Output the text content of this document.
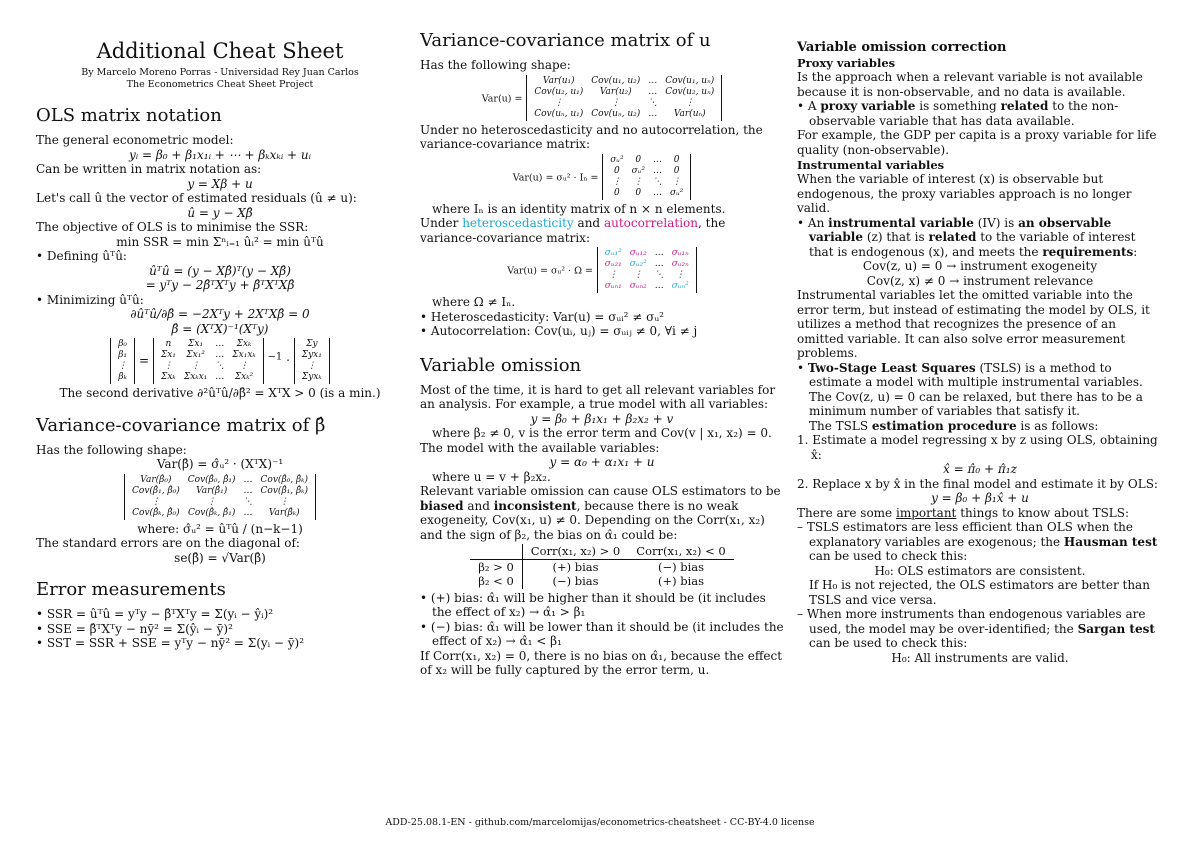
Additional Cheat Sheet
By Marcelo Moreno Porras - Universidad Rey Juan Carlos
The Econometrics Cheat Sheet Project
OLS matrix notation

The general econometric model:

yᵢ = β₀ + β₁x₁ᵢ + ⋯ + βₖxₖᵢ + uᵢ

Can be written in matrix notation as:

y = Xβ + u

Let's call û the vector of estimated residuals (û ≠ u):

û = y − Xβ̂

The objective of OLS is to minimise the SSR:

min SSR = min Σⁿᵢ₌₁ ûᵢ² = min ûᵀû

• Defining ûᵀû:

ûᵀû = (y − Xβ̂)ᵀ(y − Xβ̂)

= yᵀy − 2β̂ᵀXᵀy + β̂ᵀXᵀXβ̂

• Minimizing ûᵀû:

∂ûᵀû/∂β̂ = −2Xᵀy + 2XᵀXβ̂ = 0

β̂ = (XᵀX)⁻¹(Xᵀy)

β₀
β₁
⋮
βₖ
=
n	Σx₁	…	Σxₖ
Σx₁	Σx₁²	…	Σx₁xₖ
⋮	⋮	⋱	⋮
Σxₖ	Σxₖx₁	…	Σxₖ²
$^{-1}$ ·
Σy
Σyx₁
⋮
Σyxₖ

The second derivative ∂²ûᵀû/∂β̂² = XᵀX > 0 (is a min.)

Variance-covariance matrix of β̂

Has the following shape:

Var(β̂) = σ̂ᵤ² · (XᵀX)⁻¹

Var(β̂₀)	Cov(β̂₀, β̂₁)	…	Cov(β̂₀, β̂ₖ)
Cov(β̂₁, β̂₀)	Var(β̂₁)	…	Cov(β̂₁, β̂ₖ)
⋮	⋮	⋱	⋮
Cov(β̂ₖ, β̂₀)	Cov(β̂ₖ, β̂₁)	…	Var(β̂ₖ)

where: σ̂ᵤ² = ûᵀû / (n−k−1)

The standard errors are on the diagonal of:

se(β̂) = √Var(β̂)

Error measurements

• SSR = ûᵀû = yᵀy − β̂ᵀXᵀy = Σ(yᵢ − ŷᵢ)²

• SSE = β̂ᵀXᵀy − nȳ² = Σ(ŷᵢ − ȳ)²

• SST = SSR + SSE = yᵀy − nȳ² = Σ(yᵢ − ȳ)²

Variance-covariance matrix of u

Has the following shape:

Var(u) =
Var(u₁)	Cov(u₁, u₂)	…	Cov(u₁, uₙ)
Cov(u₂, u₁)	Var(u₂)	…	Cov(u₂, uₙ)
⋮	⋮	⋱	⋮
Cov(uₙ, u₁)	Cov(uₙ, u₂)	…	Var(uₙ)

Under no heteroscedasticity and no autocorrelation, the variance-covariance matrix:

Var(u) = σᵤ² · Iₙ =
σᵤ²	0	…	0
0	σᵤ²	…	0
⋮	⋮	⋱	⋮
0	0	…	σᵤ²

where Iₙ is an identity matrix of n × n elements.

Under heteroscedasticity and autocorrelation, the variance-covariance matrix:

Var(u) = σᵤ² · Ω =
σᵤ₁²	σᵤ₁₂	…	σᵤ₁ₙ
σᵤ₂₁	σᵤ₂²	…	σᵤ₂ₙ
⋮	⋮	⋱	⋮
σᵤₙ₁	σᵤₙ₂	…	σᵤₙ²

where Ω ≠ Iₙ.

• Heteroscedasticity: Var(u) = σᵤᵢ² ≠ σᵤ²

• Autocorrelation: Cov(uᵢ, uⱼ) = σᵤᵢⱼ ≠ 0, ∀i ≠ j

Variable omission

Most of the time, it is hard to get all relevant variables for an analysis. For example, a true model with all variables:

y = β₀ + β₁x₁ + β₂x₂ + v

where β₂ ≠ 0, v is the error term and Cov(v | x₁, x₂) = 0.

The model with the available variables:

y = α₀ + α₁x₁ + u

where u = v + β₂x₂.

Relevant variable omission can cause OLS estimators to be biased and inconsistent, because there is no weak exogeneity, Cov(x₁, u) ≠ 0. Depending on the Corr(x₁, x₂) and the sign of β₂, the bias on α̂₁ could be:

	Corr(x₁, x₂) > 0	Corr(x₁, x₂) < 0
β₂ > 0	(+) bias	(−) bias
β₂ < 0	(−) bias	(+) bias

• (+) bias: α̂₁ will be higher than it should be (it includes the effect of x₂) → α̂₁ > β₁

• (−) bias: α̂₁ will be lower than it should be (it includes the effect of x₂) → α̂₁ < β₁

If Corr(x₁, x₂) = 0, there is no bias on α̂₁, because the effect of x₂ will be fully captured by the error term, u.

Variable omission correction
Proxy variables

Is the approach when a relevant variable is not available because it is non-observable, and no data is available.

• A proxy variable is something related to the non-observable variable that has data available.

For example, the GDP per capita is a proxy variable for life quality (non-observable).

Instrumental variables

When the variable of interest (x) is observable but endogenous, the proxy variables approach is no longer valid.

• An instrumental variable (IV) is an observable variable (z) that is related to the variable of interest that is endogenous (x), and meets the requirements:

Cov(z, u) = 0 → instrument exogeneity

Cov(z, x) ≠ 0 → instrument relevance

Instrumental variables let the omitted variable into the error term, but instead of estimating the model by OLS, it utilizes a method that recognizes the presence of an omitted variable. It can also solve error measurement problems.

• Two-Stage Least Squares (TSLS) is a method to estimate a model with multiple instrumental variables. The Cov(z, u) = 0 can be relaxed, but there has to be a minimum number of variables that satisfy it.

The TSLS estimation procedure is as follows:

1. Estimate a model regressing x by z using OLS, obtaining x̂:

x̂ = π̂₀ + π̂₁z

2. Replace x by x̂ in the final model and estimate it by OLS:

y = β₀ + β₁x̂ + u

There are some important things to know about TSLS:

– TSLS estimators are less efficient than OLS when the explanatory variables are exogenous; the Hausman test can be used to check this:

H₀: OLS estimators are consistent.

If H₀ is not rejected, the OLS estimators are better than TSLS and vice versa.

– When more instruments than endogenous variables are used, the model may be over-identified; the Sargan test can be used to check this:

H₀: All instruments are valid.

ADD-25.08.1-EN - github.com/marcelomijas/econometrics-cheatsheet - CC-BY-4.0 license
